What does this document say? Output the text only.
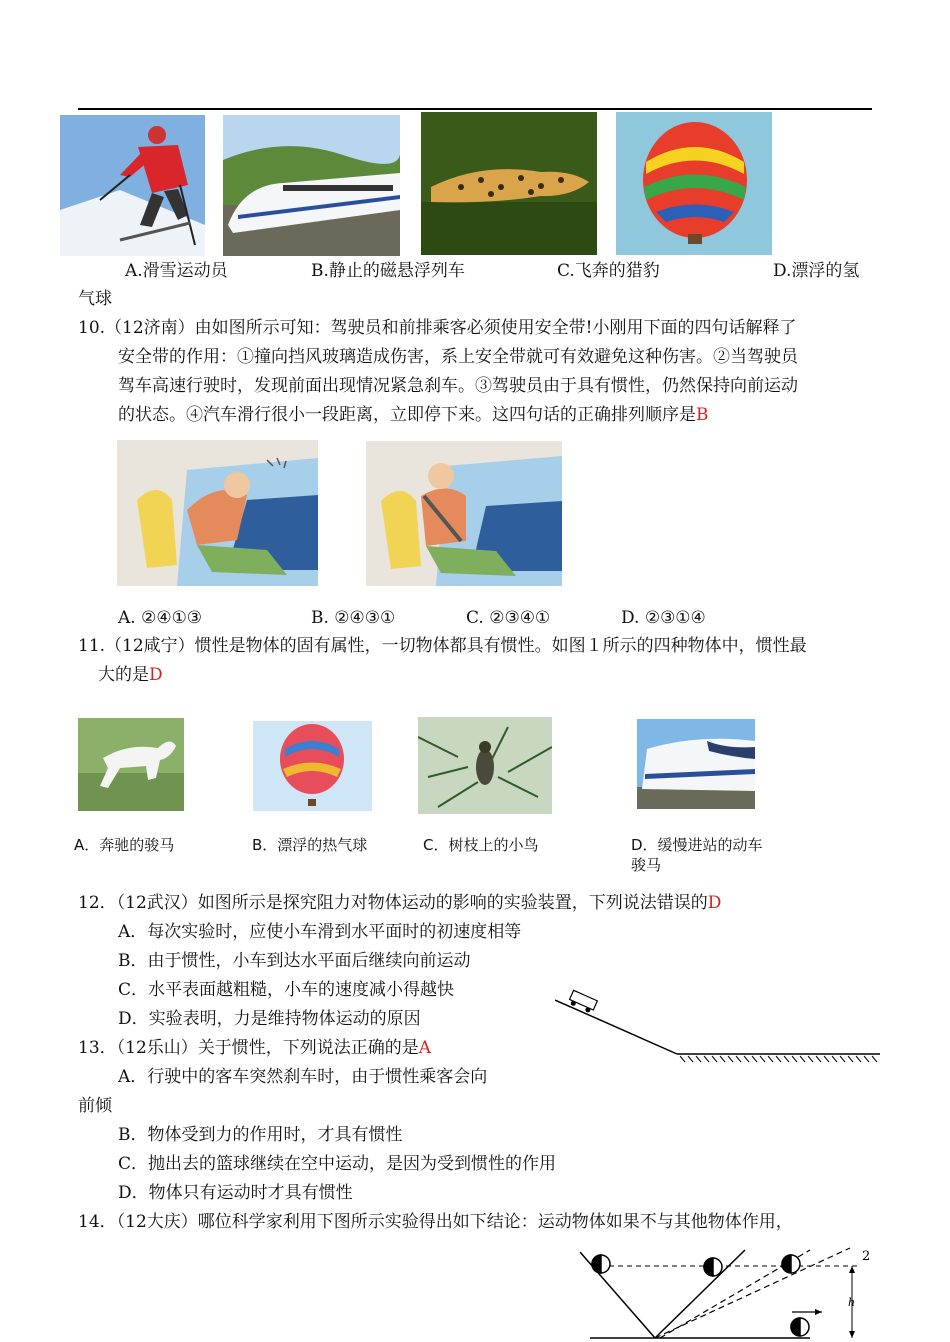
A.滑雪运动员	B.静止的磁悬浮列车	C.飞奔的猎豹	D.漂浮的氢
气球
10.（12济南）由如图所示可知：驾驶员和前排乘客必须使用安全带!小刚用下面的四句话解释了
安全带的作用：①撞向挡风玻璃造成伤害，系上安全带就可有效避免这种伤害。②当驾驶员
驾车高速行驶时，发现前面出现情况紧急刹车。③驾驶员由于具有惯性，仍然保持向前运动
的状态。④汽车滑行很小一段距离，立即停下来。这四句话的正确排列顺序是B
A. ②④①③	B. ②④③①	C. ②③④①	D. ②③①④
11.（12咸宁）惯性是物体的固有属性，一切物体都具有惯性。如图１所示的四种物体中，惯性最
大的是D
A．奔驰的骏马	B．漂浮的热气球	C．树枝上的小鸟	D．缓慢进站的动车
骏马
12．（12武汉）如图所示是探究阻力对物体运动的影响的实验装置，下列说法错误的D
A．每次实验时，应使小车滑到水平面时的初速度相等
B．由于惯性，小车到达水平面后继续向前运动
C．水平表面越粗糙，小车的速度减小得越快
D．实验表明，力是维持物体运动的原因
13．（12乐山）关于惯性，下列说法正确的是A
A．行驶中的客车突然刹车时，由于惯性乘客会向
前倾
B．物体受到力的作用时，才具有惯性
C．抛出去的篮球继续在空中运动，是因为受到惯性的作用
D．物体只有运动时才具有惯性
14．（12大庆）哪位科学家利用下图所示实验得出如下结论：运动物体如果不与其他物体作用，
h
2
